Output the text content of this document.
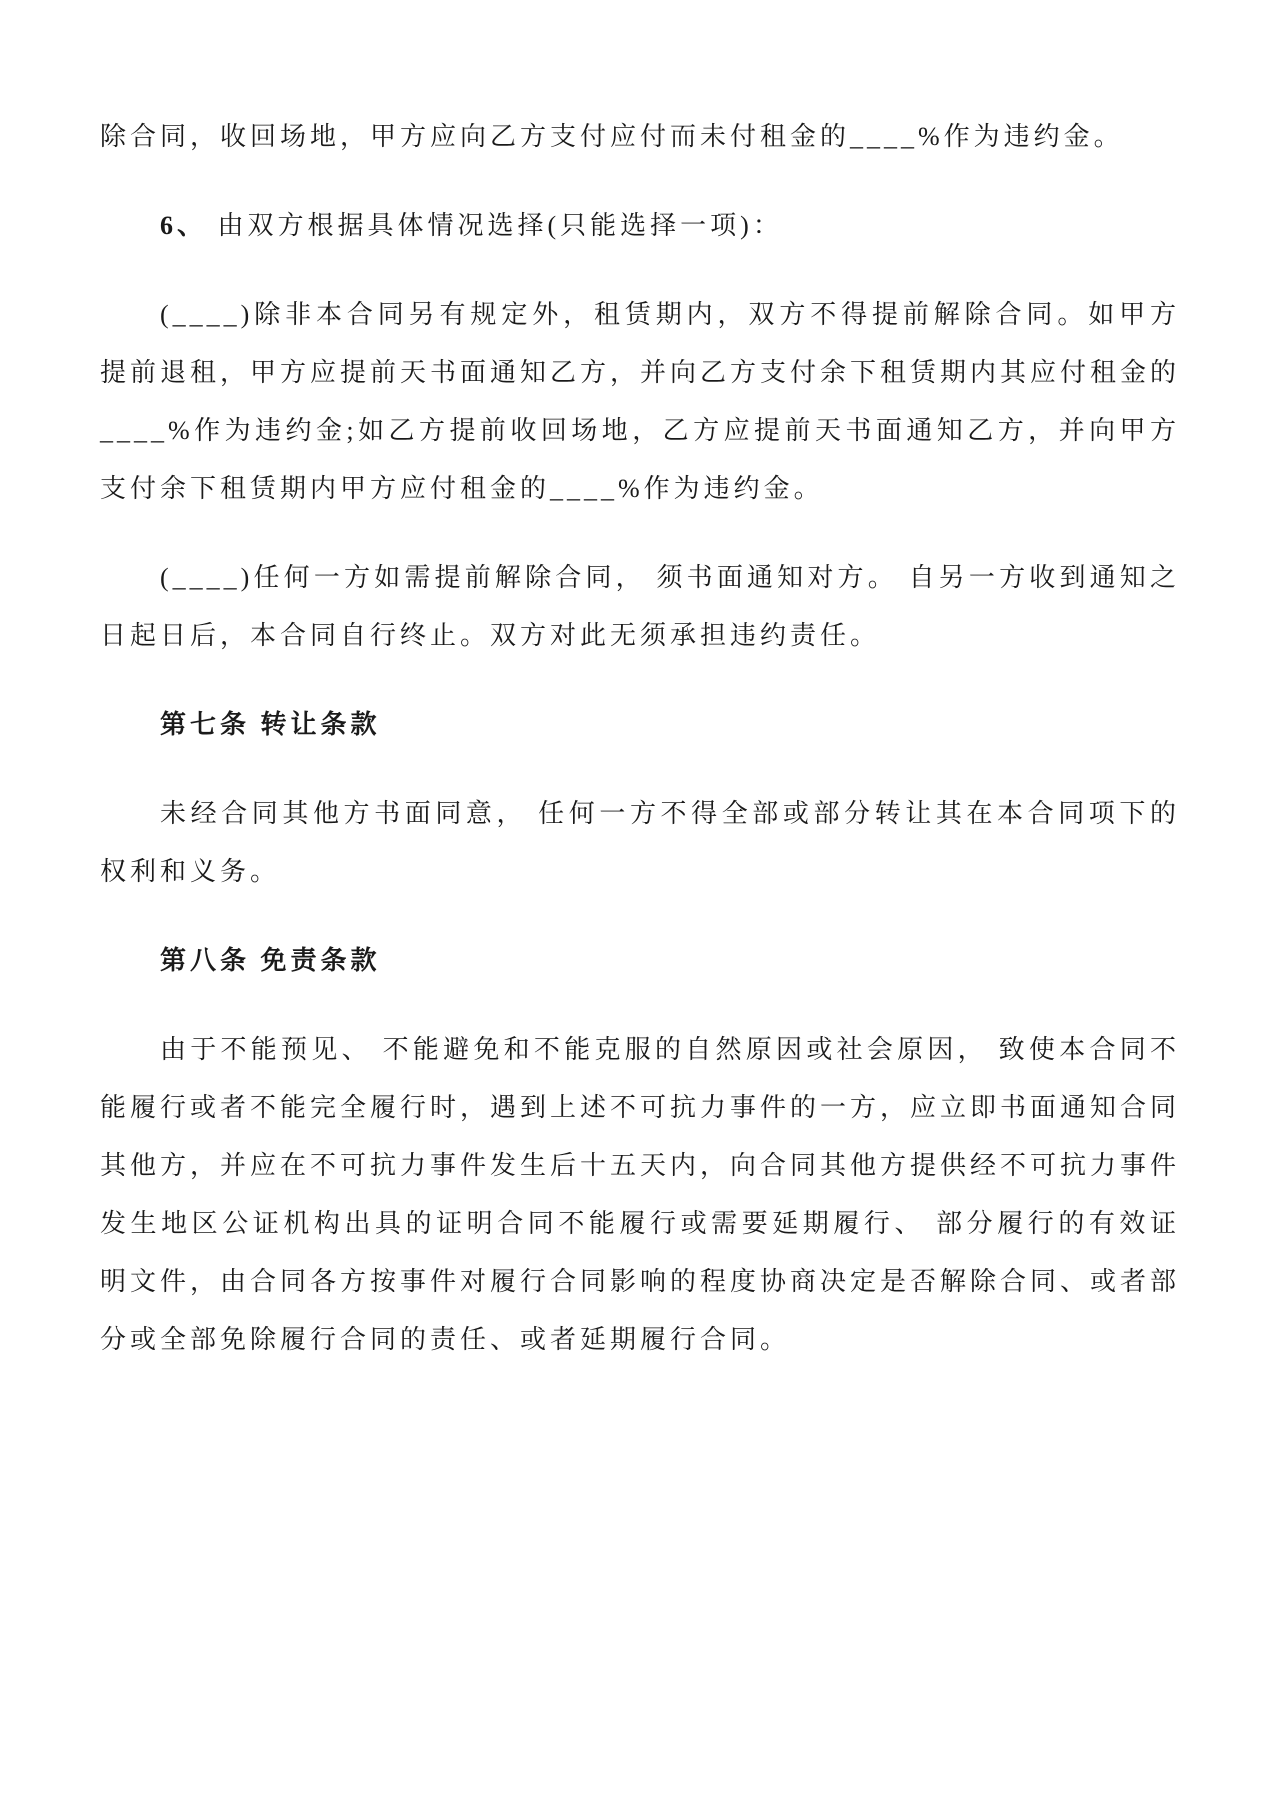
除合同，收回场地，甲方应向乙方支付应付而未付租金的____%作为违约金。

6、 由双方根据具体情况选择(只能选择一项)：

(____)除非本合同另有规定外，租赁期内，双方不得提前解除合同。如甲方提前退租，甲方应提前天书面通知乙方，并向乙方支付余下租赁期内其应付租金的____%作为违约金;如乙方提前收回场地，乙方应提前天书面通知乙方，并向甲方支付余下租赁期内甲方应付租金的____%作为违约金。

(____)任何一方如需提前解除合同， 须书面通知对方。 自另一方收到通知之日起日后，本合同自行终止。双方对此无须承担违约责任。

第七条 转让条款

未经合同其他方书面同意， 任何一方不得全部或部分转让其在本合同项下的权利和义务。

第八条 免责条款

由于不能预见、 不能避免和不能克服的自然原因或社会原因， 致使本合同不能履行或者不能完全履行时，遇到上述不可抗力事件的一方，应立即书面通知合同其他方，并应在不可抗力事件发生后十五天内，向合同其他方提供经不可抗力事件发生地区公证机构出具的证明合同不能履行或需要延期履行、 部分履行的有效证明文件，由合同各方按事件对履行合同影响的程度协商决定是否解除合同、或者部分或全部免除履行合同的责任、或者延期履行合同。
